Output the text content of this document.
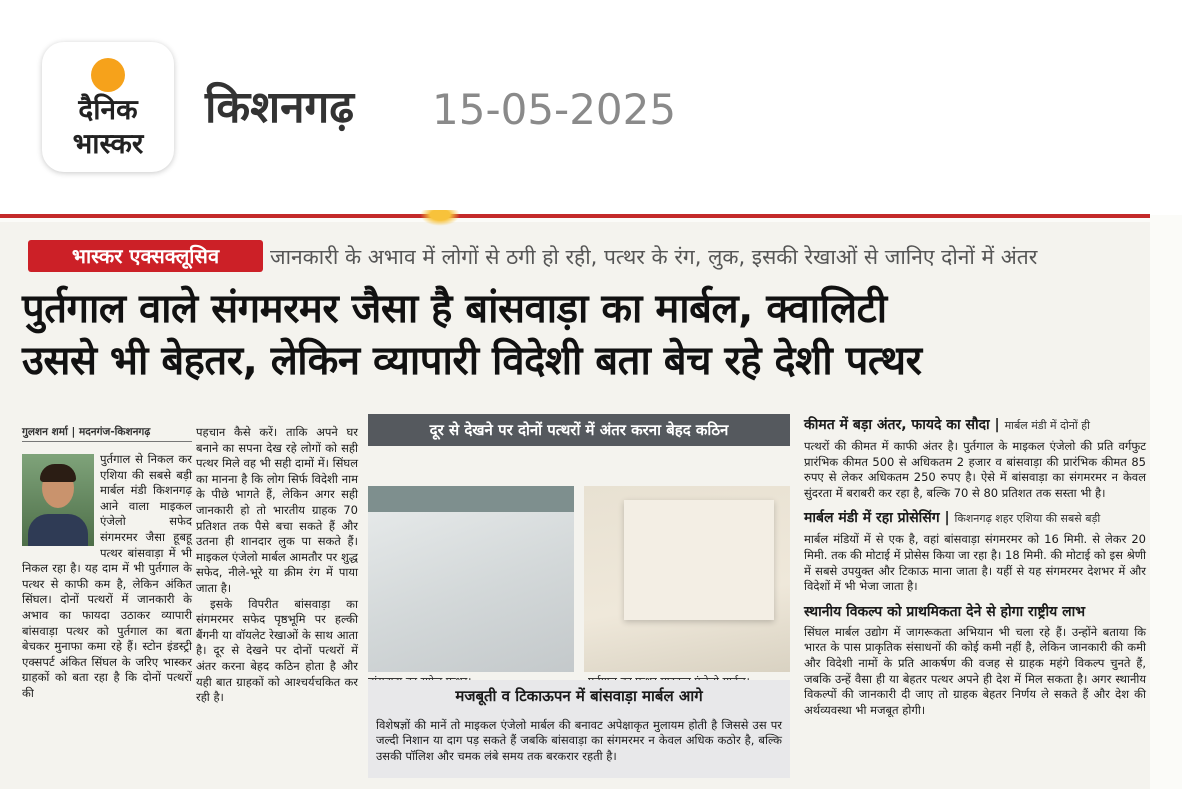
दैनिक
भास्कर
किशनगढ़ 15-05-2025
भास्कर एक्सक्लूसिव	जानकारी के अभाव में लोगों से ठगी हो रही, पत्थर के रंग, लुक, इसकी रेखाओं से जानिए दोनों में अंतर
पुर्तगाल वाले संगमरमर जैसा है बांसवाड़ा का मार्बल, क्वालिटी
उससे भी बेहतर, लेकिन व्यापारी विदेशी बता बेच रहे देशी पत्थर
गुलशन शर्मा | मदनगंज-किशनगढ़

पुर्तगाल से निकल कर एशिया की सबसे बड़ी मार्बल मंडी किशनगढ़ आने वाला माइकल एंजेलो सफेद संगमरमर जैसा हूबहू पत्थर बांसवाड़ा में भी निकल रहा है। यह दाम में भी पुर्तगाल के पत्थर से काफी कम है, लेकिन अंकित सिंघल। दोनों पत्थरों में जानकारी के अभाव का फायदा उठाकर व्यापारी बांसवाड़ा पत्थर को पुर्तगाल का बता बेचकर मुनाफा कमा रहे हैं। स्टोन इंडस्ट्री एक्सपर्ट अंकित सिंघल के जरिए भास्कर ग्राहकों को बता रहा है कि दोनों पत्थरों की

पहचान कैसे करें। ताकि अपने घर बनाने का सपना देख रहे लोगों को सही पत्थर मिले वह भी सही दामों में। सिंघल का मानना है कि लोग सिर्फ विदेशी नाम के पीछे भागते हैं, लेकिन अगर सही जानकारी हो तो भारतीय ग्राहक 70 प्रतिशत तक पैसे बचा सकते हैं और उतना ही शानदार लुक पा सकते हैं। माइकल एंजेलो मार्बल आमतौर पर शुद्ध सफेद, नीले-भूरे या क्रीम रंग में पाया जाता है।

इसके विपरीत बांसवाड़ा का संगमरमर सफेद पृष्ठभूमि पर हल्की बैंगनी या वॉयलेट रेखाओं के साथ आता है। दूर से देखने पर दोनों पत्थरों में अंतर करना बेहद कठिन होता है और यही बात ग्राहकों को आश्चर्यचकित कर रही है।

दूर से देखने पर दोनों पत्थरों में अंतर करना बेहद कठिन
मजबूती व टिकाऊपन में बांसवाड़ा मार्बल आगे

विशेषज्ञों की मानें तो माइकल एंजेलो मार्बल की बनावट अपेक्षाकृत मुलायम होती है जिससे उस पर जल्दी निशान या दाग पड़ सकते हैं जबकि बांसवाड़ा का संगमरमर न केवल अधिक कठोर है, बल्कि उसकी पॉलिश और चमक लंबे समय तक बरकरार रहती है।

कीमत में बड़ा अंतर, फायदे का सौदा | मार्बल मंडी में दोनों ही

पत्थरों की कीमत में काफी अंतर है। पुर्तगाल के माइकल एंजेलो की प्रति वर्गफुट प्रारंभिक कीमत 500 से अधिकतम 2 हजार व बांसवाड़ा की प्रारंभिक कीमत 85 रुपए से लेकर अधिकतम 250 रुपए है। ऐसे में बांसवाड़ा का संगमरमर न केवल सुंदरता में बराबरी कर रहा है, बल्कि 70 से 80 प्रतिशत तक सस्ता भी है।

मार्बल मंडी में रहा प्रोसेसिंग | किशनगढ़ शहर एशिया की सबसे बड़ी

मार्बल मंडियों में से एक है, वहां बांसवाड़ा संगमरमर को 16 मिमी. से लेकर 20 मिमी. तक की मोटाई में प्रोसेस किया जा रहा है। 18 मिमी. की मोटाई को इस श्रेणी में सबसे उपयुक्त और टिकाऊ माना जाता है। यहीं से यह संगमरमर देशभर में और विदेशों में भी भेजा जाता है।

स्थानीय विकल्प को प्राथमिकता देने से होगा राष्ट्रीय लाभ

सिंघल मार्बल उद्योग में जागरूकता अभियान भी चला रहे हैं। उन्होंने बताया कि भारत के पास प्राकृतिक संसाधनों की कोई कमी नहीं है, लेकिन जानकारी की कमी और विदेशी नामों के प्रति आकर्षण की वजह से ग्राहक महंगे विकल्प चुनते हैं, जबकि उन्हें वैसा ही या बेहतर पत्थर अपने ही देश में मिल सकता है। अगर स्थानीय विकल्पों की जानकारी दी जाए तो ग्राहक बेहतर निर्णय ले सकते हैं और देश की अर्थव्यवस्था भी मजबूत होगी।
